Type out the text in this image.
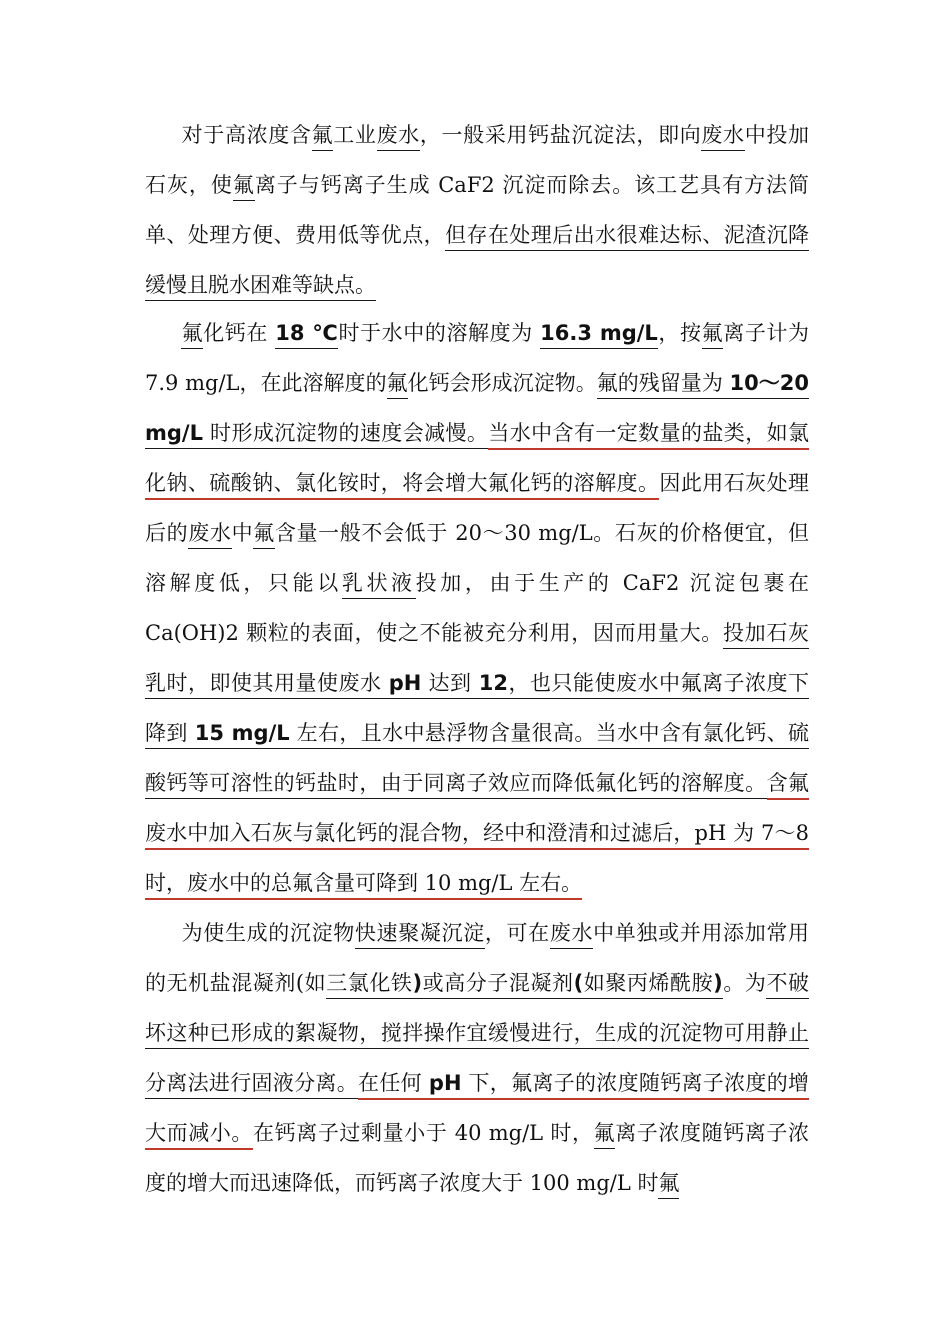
对于高浓度含氟工业废水，一般采用钙盐沉淀法，即向废水中投加石灰，使氟离子与钙离子生成 CaF2 沉淀而除去。该工艺具有方法简单、处理方便、费用低等优点，但存在处理后出水很难达标、泥渣沉降缓慢且脱水困难等缺点。

氟化钙在 18 ℃时于水中的溶解度为 16.3 mg/L，按氟离子计为 7.9 mg/L，在此溶解度的氟化钙会形成沉淀物。氟的残留量为 10～20 mg/L 时形成沉淀物的速度会减慢。当水中含有一定数量的盐类，如氯化钠、硫酸钠、氯化铵时，将会增大氟化钙的溶解度。因此用石灰处理后的废水中氟含量一般不会低于 20～30 mg/L。石灰的价格便宜，但溶解度低，只能以乳状液投加，由于生产的 CaF2 沉淀包裹在 Ca(OH)2 颗粒的表面，使之不能被充分利用，因而用量大。投加石灰乳时，即使其用量使废水 pH 达到 12，也只能使废水中氟离子浓度下降到 15 mg/L 左右，且水中悬浮物含量很高。当水中含有氯化钙、硫酸钙等可溶性的钙盐时，由于同离子效应而降低氟化钙的溶解度。含氟废水中加入石灰与氯化钙的混合物，经中和澄清和过滤后，pH 为 7～8 时，废水中的总氟含量可降到 10 mg/L 左右。

为使生成的沉淀物快速聚凝沉淀，可在废水中单独或并用添加常用的无机盐混凝剂(如三氯化铁)或高分子混凝剂(如聚丙烯酰胺)。为不破坏这种已形成的絮凝物，搅拌操作宜缓慢进行，生成的沉淀物可用静止分离法进行固液分离。在任何 pH 下，氟离子的浓度随钙离子浓度的增大而减小。在钙离子过剩量小于 40 mg/L 时，氟离子浓度随钙离子浓度的增大而迅速降低，而钙离子浓度大于 100 mg/L 时氟
